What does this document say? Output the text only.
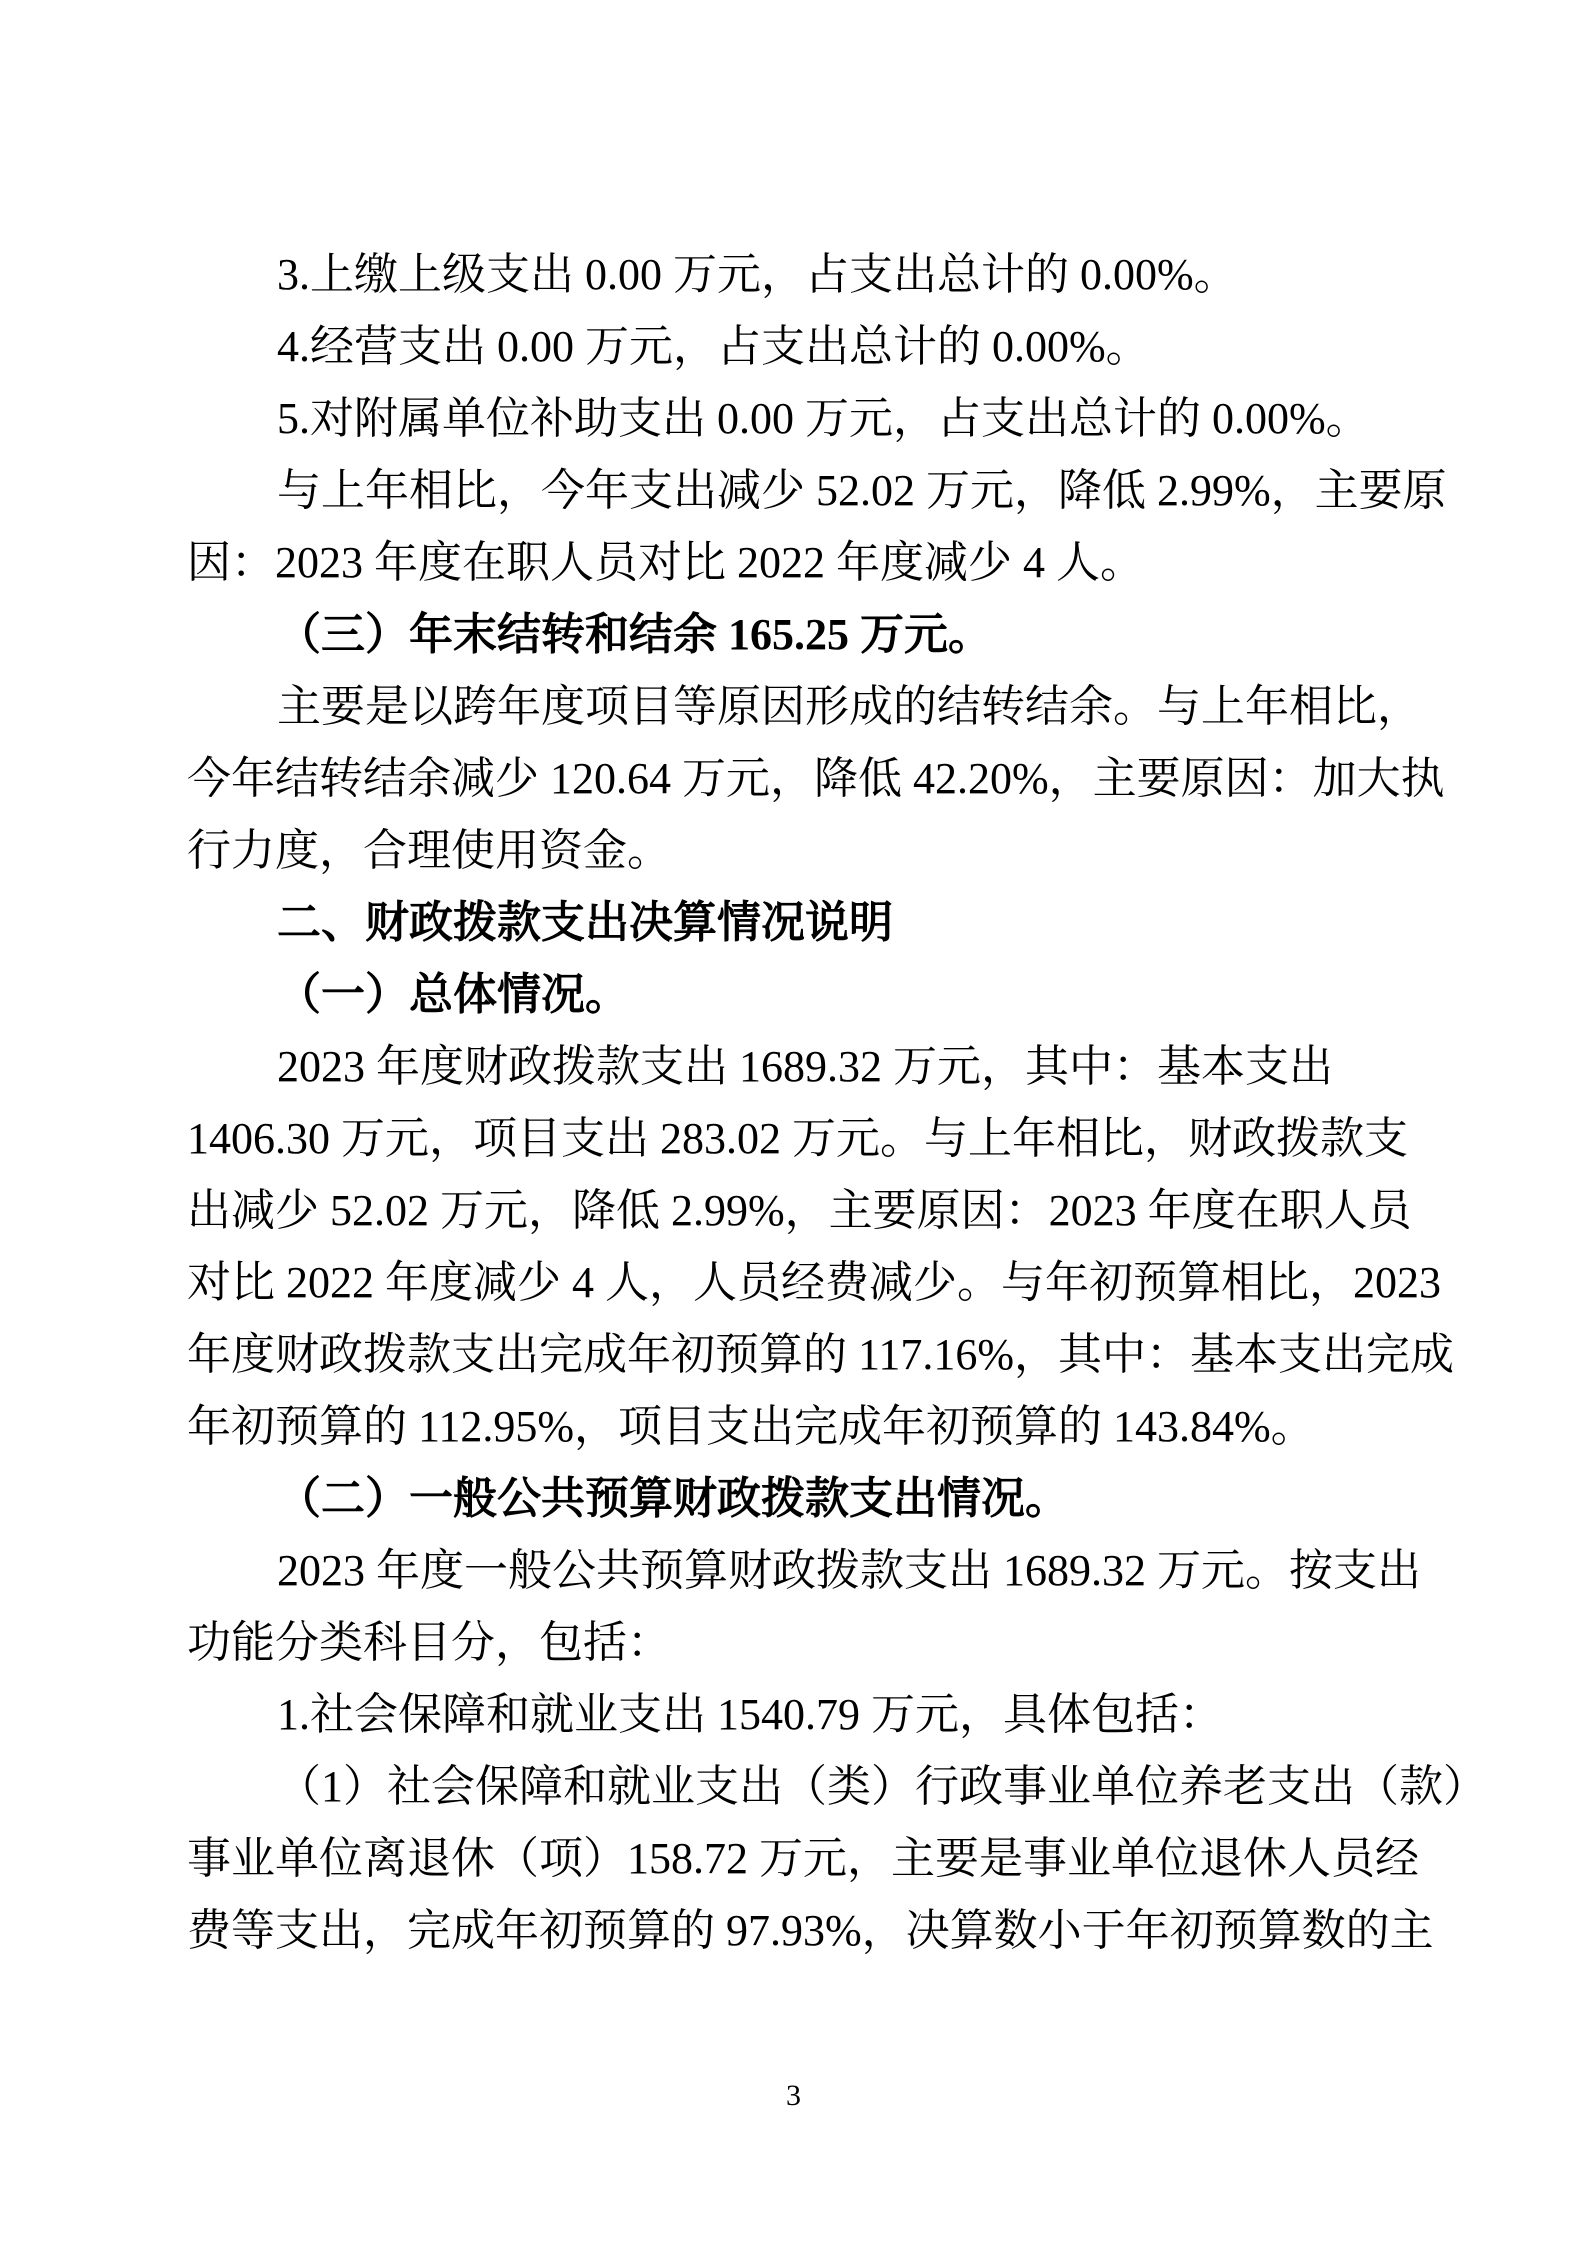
3.上缴上级支出 0.00 万元，占支出总计的 0.00%。
4.经营支出 0.00 万元，占支出总计的 0.00%。
5.对附属单位补助支出 0.00 万元，占支出总计的 0.00%。
与上年相比，今年支出减少 52.02 万元，降低 2.99%，主要原
因：2023 年度在职人员对比 2022 年度减少 4 人。
（三）年末结转和结余 165.25 万元。
主要是以跨年度项目等原因形成的结转结余。与上年相比，
今年结转结余减少 120.64 万元，降低 42.20%，主要原因：加大执
行力度，合理使用资金。
二、财政拨款支出决算情况说明
（一）总体情况。
2023 年度财政拨款支出 1689.32 万元，其中：基本支出
1406.30 万元，项目支出 283.02 万元。与上年相比，财政拨款支
出减少 52.02 万元，降低 2.99%，主要原因：2023 年度在职人员
对比 2022 年度减少 4 人，人员经费减少。与年初预算相比，2023
年度财政拨款支出完成年初预算的 117.16%，其中：基本支出完成
年初预算的 112.95%，项目支出完成年初预算的 143.84%。
（二）一般公共预算财政拨款支出情况。
2023 年度一般公共预算财政拨款支出 1689.32 万元。按支出
功能分类科目分，包括：
1.社会保障和就业支出 1540.79 万元，具体包括：
（1）社会保障和就业支出（类）行政事业单位养老支出（款）
事业单位离退休（项）158.72 万元，主要是事业单位退休人员经
费等支出，完成年初预算的 97.93%，决算数小于年初预算数的主
3
